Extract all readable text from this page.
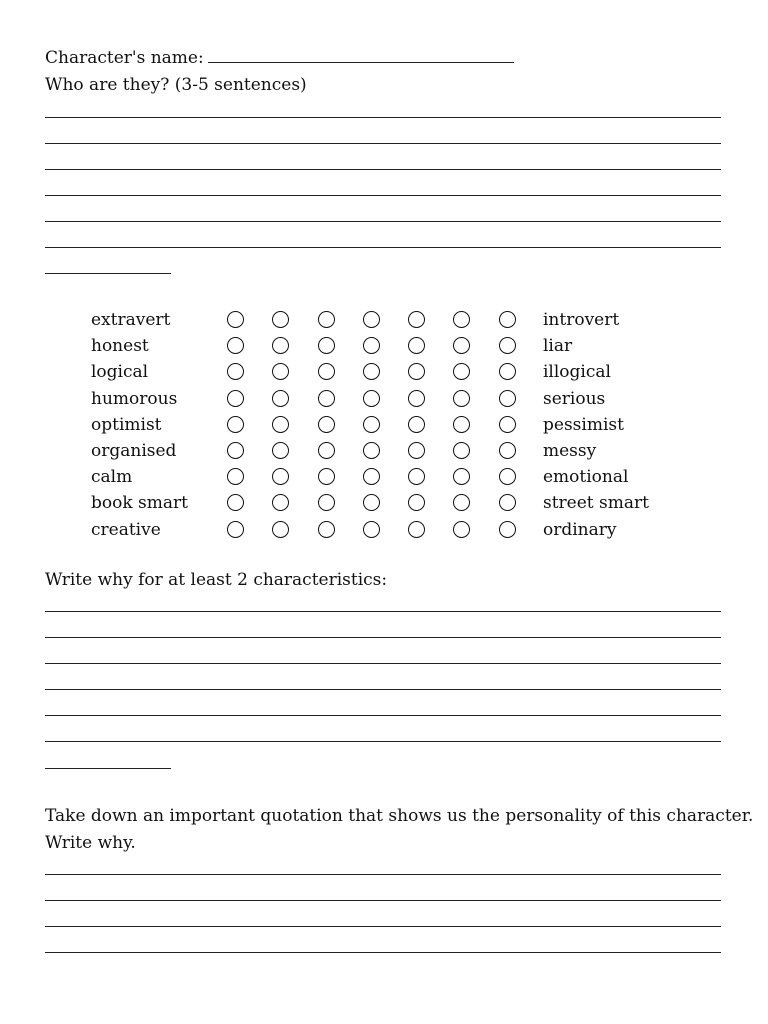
Character's name:
Who are they? (3-5 sentences)
extravert	introvert
honest	liar
logical	illogical
humorous	serious
optimist	pessimist
organised	messy
calm	emotional
book smart	street smart
creative	ordinary
Write why for at least 2 characteristics:
Take down an important quotation that shows us the personality of this character.
Write why.
